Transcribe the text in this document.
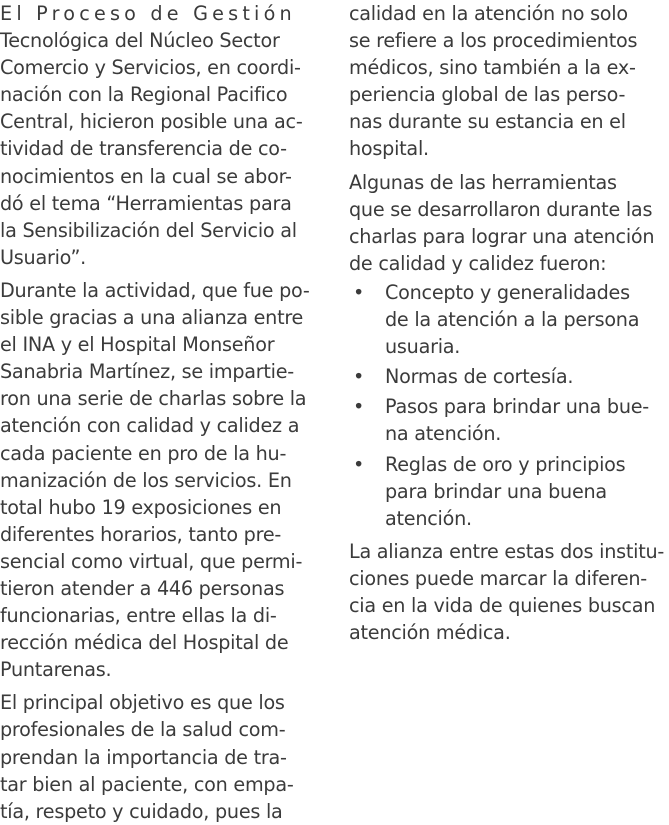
El Proceso de Gestión
Tecnológica del Núcleo Sector
Comercio y Servicios, en coordi-
nación con la Regional Pacifico
Central, hicieron posible una ac-
tividad de transferencia de co-
nocimientos en la cual se abor-
dó el tema “Herramientas para
la Sensibilización del Servicio al
Usuario”.
Durante la actividad, que fue po-
sible gracias a una alianza entre
el INA y el Hospital Monseñor
Sanabria Martínez, se impartie-
ron una serie de charlas sobre la
atención con calidad y calidez a
cada paciente en pro de la hu-
manización de los servicios. En
total hubo 19 exposiciones en
diferentes horarios, tanto pre-
sencial como virtual, que permi-
tieron atender a 446 personas
funcionarias, entre ellas la di-
rección médica del Hospital de
Puntarenas.
El principal objetivo es que los
profesionales de la salud com-
prendan la importancia de tra-
tar bien al paciente, con empa-
tía, respeto y cuidado, pues la
calidad en la atención no solo
se refiere a los procedimientos
médicos, sino también a la ex-
periencia global de las perso-
nas durante su estancia en el
hospital.
Algunas de las herramientas
que se desarrollaron durante las
charlas para lograr una atención
de calidad y calidez fueron:
• Concepto y generalidades
de la atención a la persona
usuaria.
• Normas de cortesía.
• Pasos para brindar una bue-
na atención.
• Reglas de oro y principios
para brindar una buena
atención.
La alianza entre estas dos institu-
ciones puede marcar la diferen-
cia en la vida de quienes buscan
atención médica.
